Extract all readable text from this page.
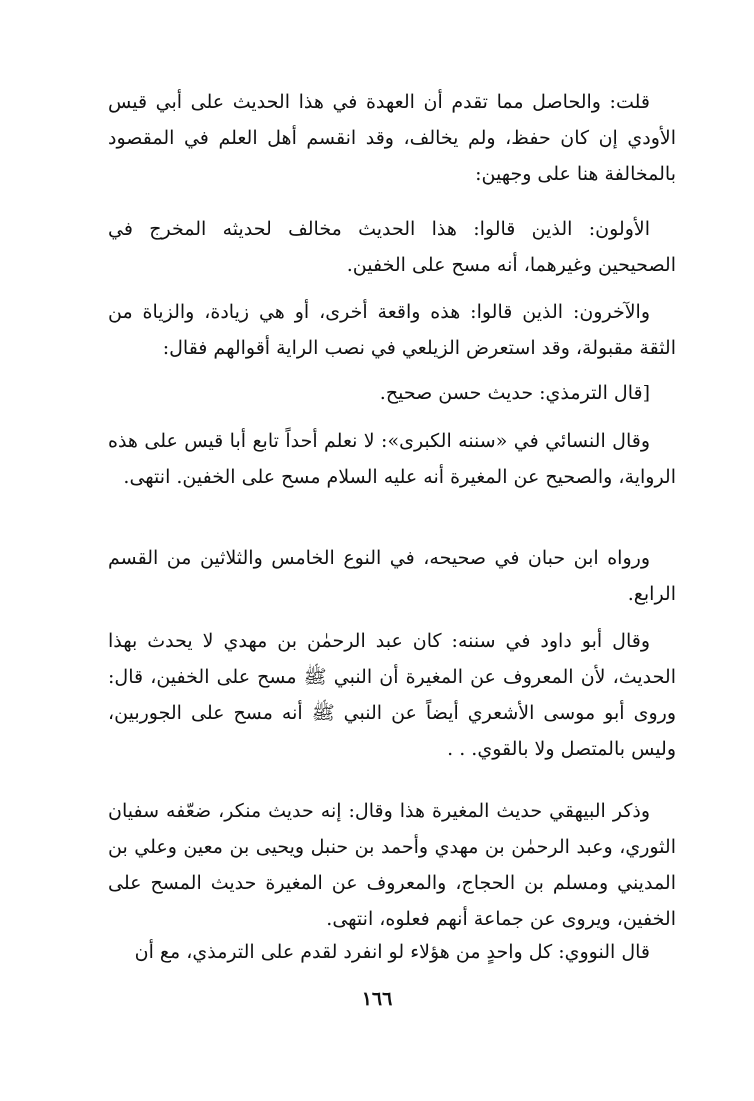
قلت: والحاصل مما تقدم أن العهدة في هذا الحديث على أبي قيس الأودي إن كان حفظ، ولم يخالف، وقد انقسم أهل العلم في المقصود بالمخالفة هنا على وجهين:

الأولون: الذين قالوا: هذا الحديث مخالف لحديثه المخرج في الصحيحين وغيرهما، أنه مسح على الخفين.

والآخرون: الذين قالوا: هذه واقعة أخرى، أو هي زيادة، والزياة من الثقة مقبولة، وقد استعرض الزيلعي في نصب الراية أقوالهم فقال:

[قال الترمذي: حديث حسن صحيح.

وقال النسائي في «سننه الكبرى»: لا نعلم أحداً تابع أبا قيس على هذه الرواية، والصحيح عن المغيرة أنه عليه السلام مسح على الخفين. انتهى.

ورواه ابن حبان في صحيحه، في النوع الخامس والثلاثين من القسم الرابع.

وقال أبو داود في سننه: كان عبد الرحمٰن بن مهدي لا يحدث بهذا الحديث، لأن المعروف عن المغيرة أن النبي ﷺ مسح على الخفين، قال: وروى أبو موسى الأشعري أيضاً عن النبي ﷺ أنه مسح على الجوربين، وليس بالمتصل ولا بالقوي. . .

وذكر البيهقي حديث المغيرة هذا وقال: إنه حديث منكر، ضعّفه سفيان الثوري، وعبد الرحمٰن بن مهدي وأحمد بن حنبل ويحيى بن معين وعلي بن المديني ومسلم بن الحجاج، والمعروف عن المغيرة حديث المسح على الخفين، ويروى عن جماعة أنهم فعلوه، انتهى.

قال النووي: كل واحدٍ من هؤلاء لو انفرد لقدم على الترمذي، مع أن

١٦٦
